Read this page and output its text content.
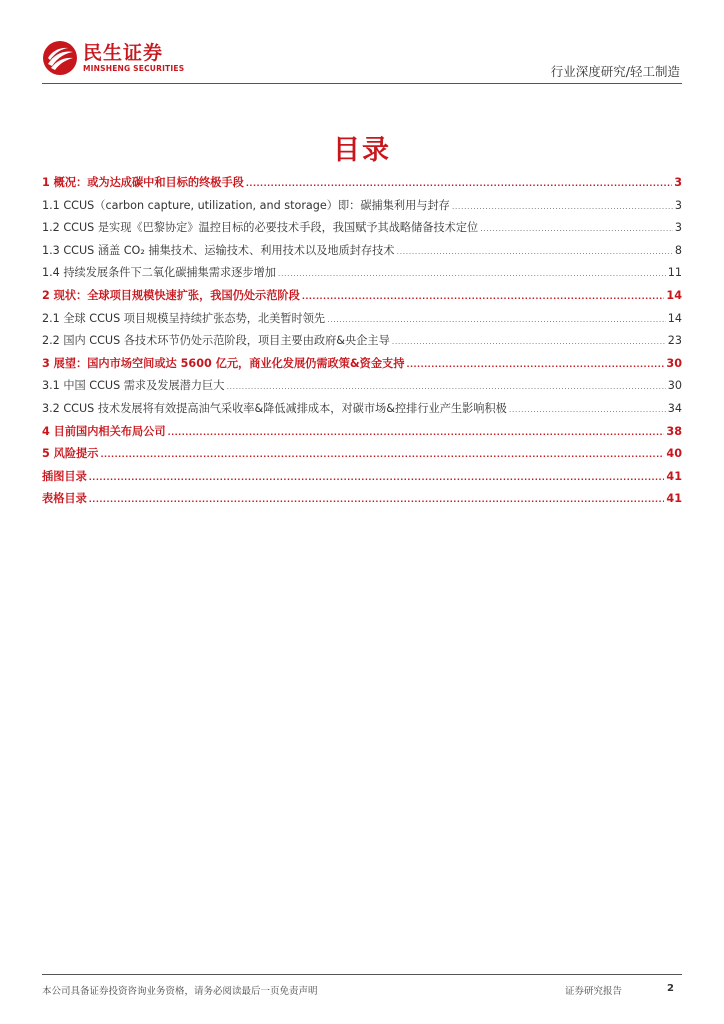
民生证券
MINSHENG SECURITIES	行业深度研究/轻工制造
目录
1 概况：或为达成碳中和目标的终极手段 .....	3
1.1 CCUS（carbon capture, utilization, and storage）即：碳捕集利用与封存 .....	3
1.2 CCUS 是实现《巴黎协定》温控目标的必要技术手段，我国赋予其战略储备技术定位 .....	3
1.3 CCUS 涵盖 CO₂ 捕集技术、运输技术、利用技术以及地质封存技术 .....	8
1.4 持续发展条件下二氧化碳捕集需求逐步增加 .....	11
2 现状：全球项目规模快速扩张，我国仍处示范阶段 .....	14
2.1 全球 CCUS 项目规模呈持续扩张态势，北美暂时领先 .....	14
2.2 国内 CCUS 各技术环节仍处示范阶段，项目主要由政府&央企主导 .....	23
3 展望：国内市场空间或达 5600 亿元，商业化发展仍需政策&资金支持 .....	30
3.1 中国 CCUS 需求及发展潜力巨大 .....	30
3.2 CCUS 技术发展将有效提高油气采收率&降低减排成本，对碳市场&控排行业产生影响积极 .....	34
4 目前国内相关布局公司 .....	38
5 风险提示 .....	40
插图目录 .....	41
表格目录 .....	41
本公司具备证券投资咨询业务资格，请务必阅读最后一页免责声明	证券研究报告	2
